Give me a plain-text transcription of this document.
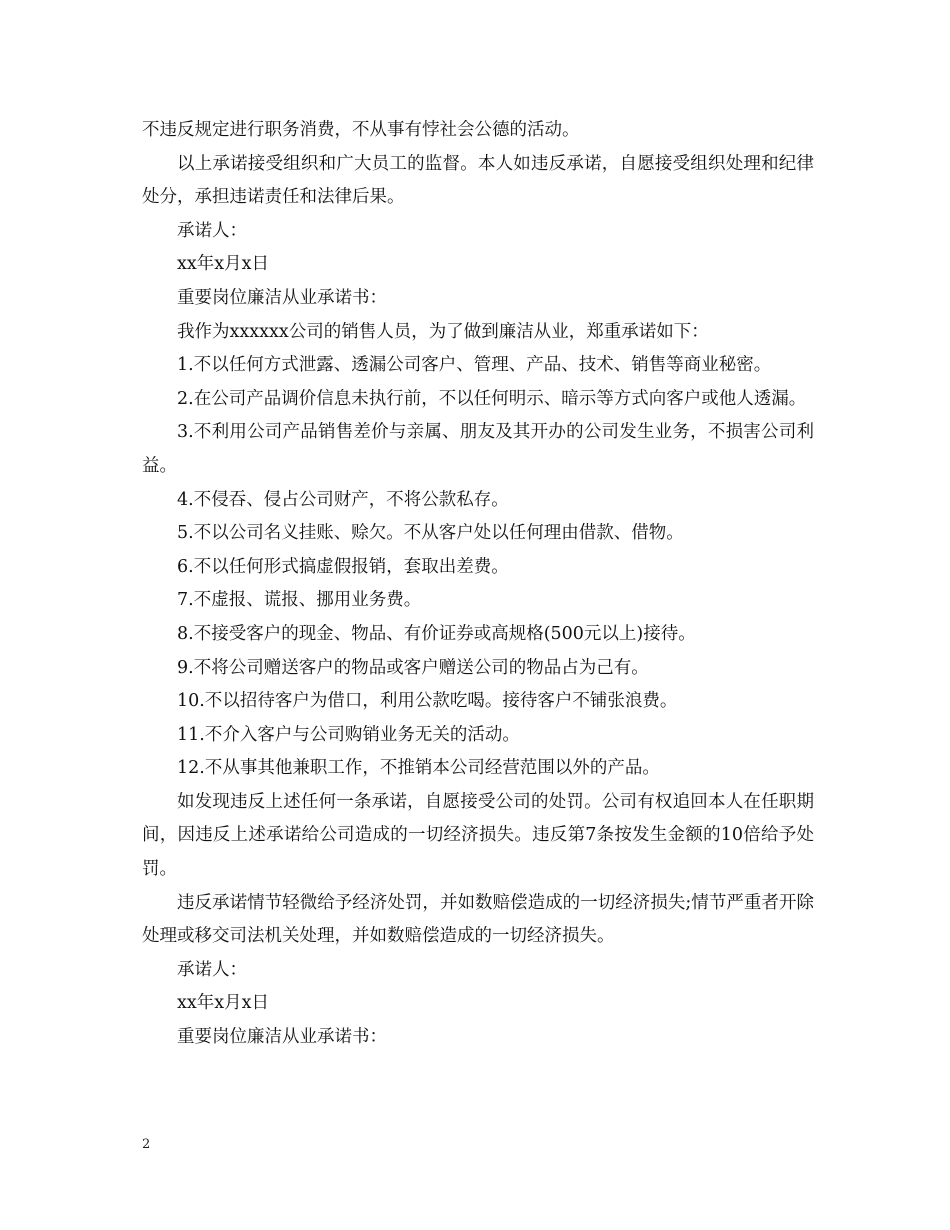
不违反规定进行职务消费，不从事有悖社会公德的活动。

以上承诺接受组织和广大员工的监督。本人如违反承诺，自愿接受组织处理和纪律处分，承担违诺责任和法律后果。

承诺人：

xx年x月x日

重要岗位廉洁从业承诺书：

我作为xxxxxx公司的销售人员，为了做到廉洁从业，郑重承诺如下：

1.不以任何方式泄露、透漏公司客户、管理、产品、技术、销售等商业秘密。

2.在公司产品调价信息未执行前，不以任何明示、暗示等方式向客户或他人透漏。

3.不利用公司产品销售差价与亲属、朋友及其开办的公司发生业务，不损害公司利益。

4.不侵吞、侵占公司财产，不将公款私存。

5.不以公司名义挂账、赊欠。不从客户处以任何理由借款、借物。

6.不以任何形式搞虚假报销，套取出差费。

7.不虚报、谎报、挪用业务费。

8.不接受客户的现金、物品、有价证券或高规格(500元以上)接待。

9.不将公司赠送客户的物品或客户赠送公司的物品占为己有。

10.不以招待客户为借口，利用公款吃喝。接待客户不铺张浪费。

11.不介入客户与公司购销业务无关的活动。

12.不从事其他兼职工作，不推销本公司经营范围以外的产品。

如发现违反上述任何一条承诺，自愿接受公司的处罚。公司有权追回本人在任职期间，因违反上述承诺给公司造成的一切经济损失。违反第7条按发生金额的10倍给予处罚。

违反承诺情节轻微给予经济处罚，并如数赔偿造成的一切经济损失;情节严重者开除处理或移交司法机关处理，并如数赔偿造成的一切经济损失。

承诺人：

xx年x月x日

重要岗位廉洁从业承诺书：

2
